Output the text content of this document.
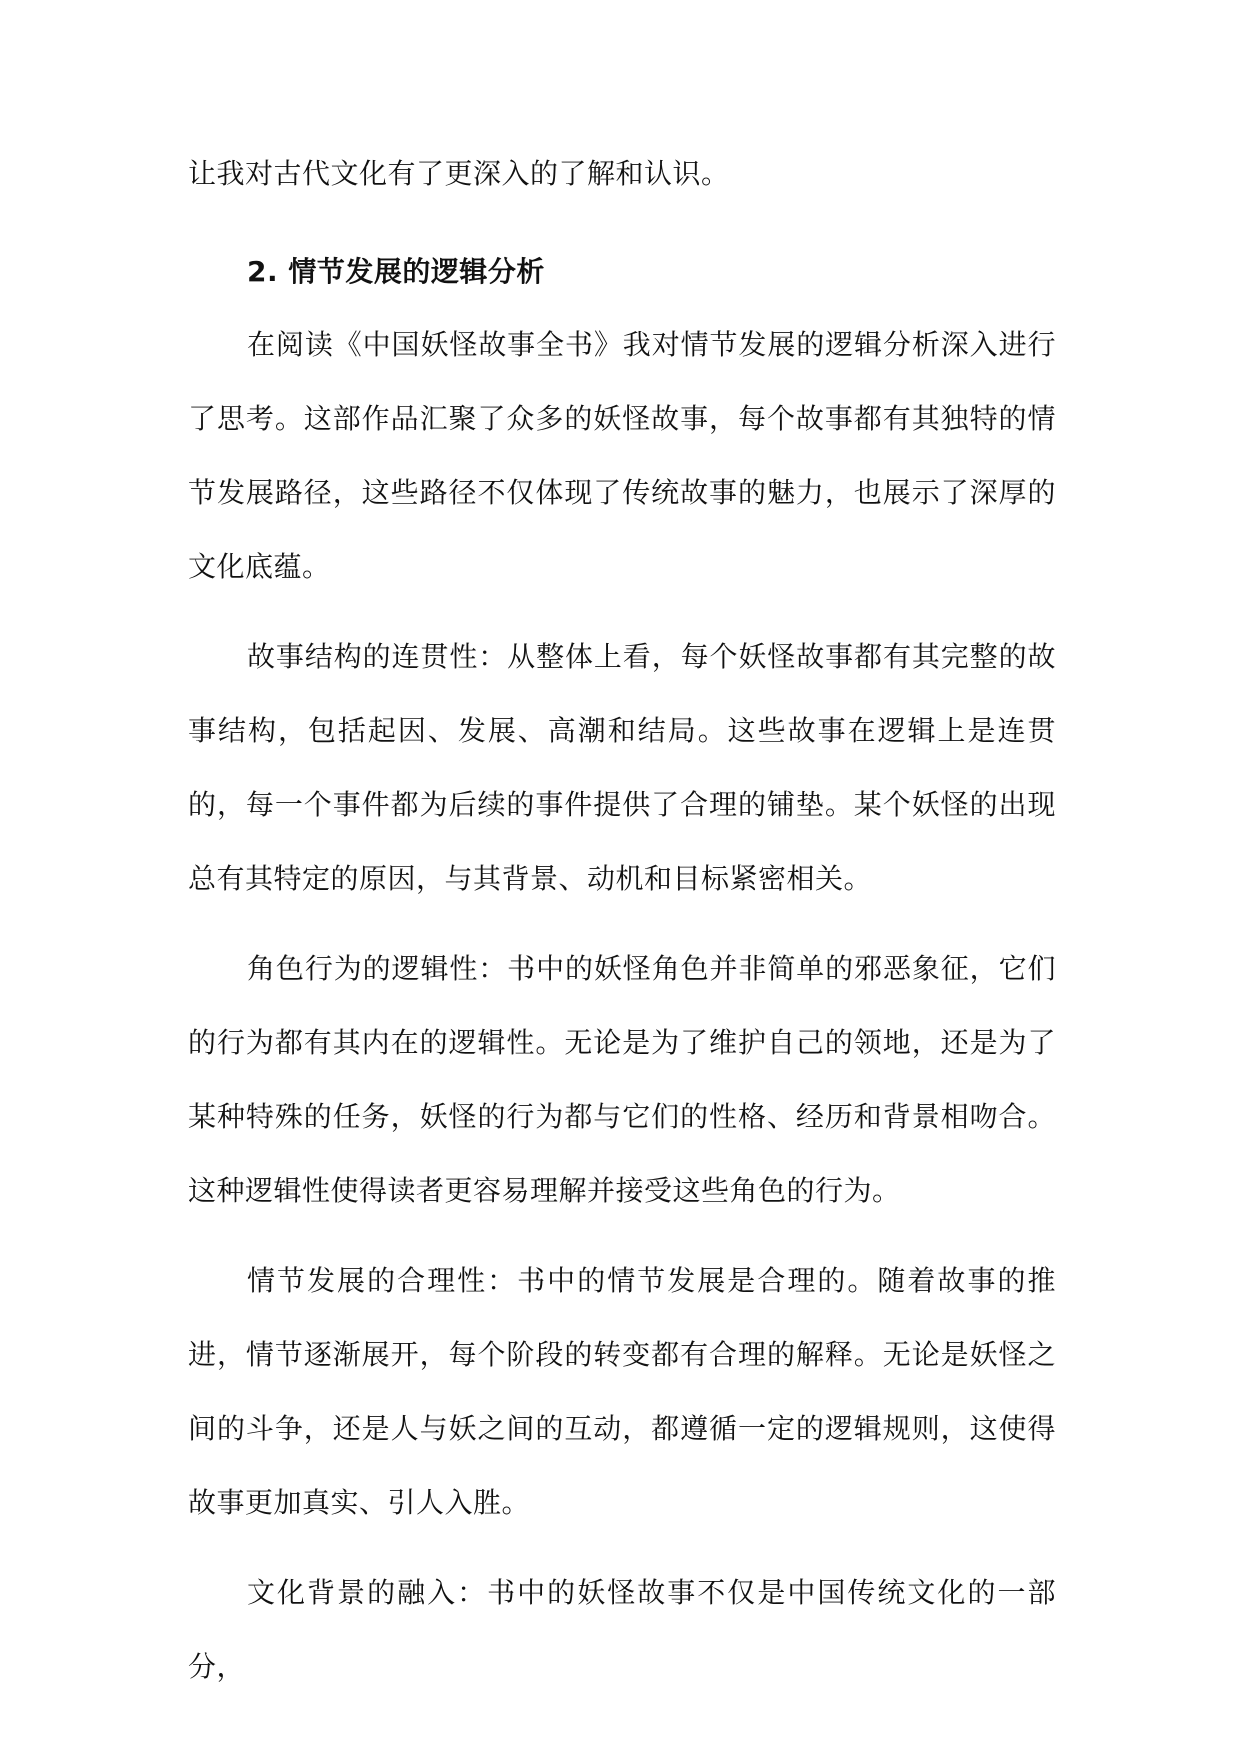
让我对古代文化有了更深入的了解和认识。

2. 情节发展的逻辑分析

在阅读《中国妖怪故事全书》我对情节发展的逻辑分析深入进行了思考。这部作品汇聚了众多的妖怪故事，每个故事都有其独特的情节发展路径，这些路径不仅体现了传统故事的魅力，也展示了深厚的文化底蕴。

故事结构的连贯性：从整体上看，每个妖怪故事都有其完整的故事结构，包括起因、发展、高潮和结局。这些故事在逻辑上是连贯的，每一个事件都为后续的事件提供了合理的铺垫。某个妖怪的出现总有其特定的原因，与其背景、动机和目标紧密相关。

角色行为的逻辑性：书中的妖怪角色并非简单的邪恶象征，它们的行为都有其内在的逻辑性。无论是为了维护自己的领地，还是为了某种特殊的任务，妖怪的行为都与它们的性格、经历和背景相吻合。这种逻辑性使得读者更容易理解并接受这些角色的行为。

情节发展的合理性：书中的情节发展是合理的。随着故事的推进，情节逐渐展开，每个阶段的转变都有合理的解释。无论是妖怪之间的斗争，还是人与妖之间的互动，都遵循一定的逻辑规则，这使得故事更加真实、引人入胜。

文化背景的融入：书中的妖怪故事不仅是中国传统文化的一部分，
